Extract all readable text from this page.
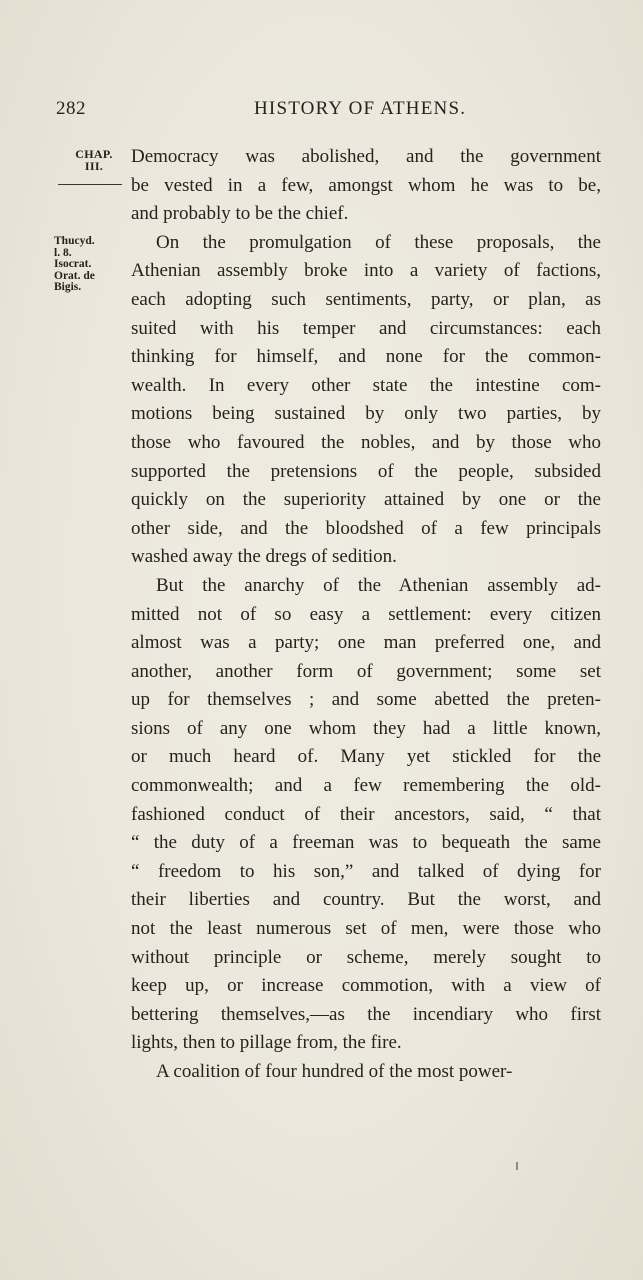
282	HISTORY OF ATHENS.
CHAP.
III.
Thucyd.
l. 8.
Isocrat.
Orat. de
Bigis.
Democracy was abolished, and the government
be vested in a few, amongst whom he was to be,
and probably to be the chief.
On the promulgation of these proposals, the
Athenian assembly broke into a variety of factions,
each adopting such sentiments, party, or plan, as
suited with his temper and circumstances: each
thinking for himself, and none for the common-
wealth. In every other state the intestine com-
motions being sustained by only two parties, by
those who favoured the nobles, and by those who
supported the pretensions of the people, subsided
quickly on the superiority attained by one or the
other side, and the bloodshed of a few principals
washed away the dregs of sedition.
But the anarchy of the Athenian assembly ad-
mitted not of so easy a settlement: every citizen
almost was a party; one man preferred one, and
another, another form of government; some set
up for themselves ; and some abetted the preten-
sions of any one whom they had a little known,
or much heard of. Many yet stickled for the
commonwealth; and a few remembering the old-
fashioned conduct of their ancestors, said, “ that
“ the duty of a freeman was to bequeath the same
“ freedom to his son,” and talked of dying for
their liberties and country. But the worst, and
not the least numerous set of men, were those who
without principle or scheme, merely sought to
keep up, or increase commotion, with a view of
bettering themselves,—as the incendiary who first
lights, then to pillage from, the fire.
A coalition of four hundred of the most power-
